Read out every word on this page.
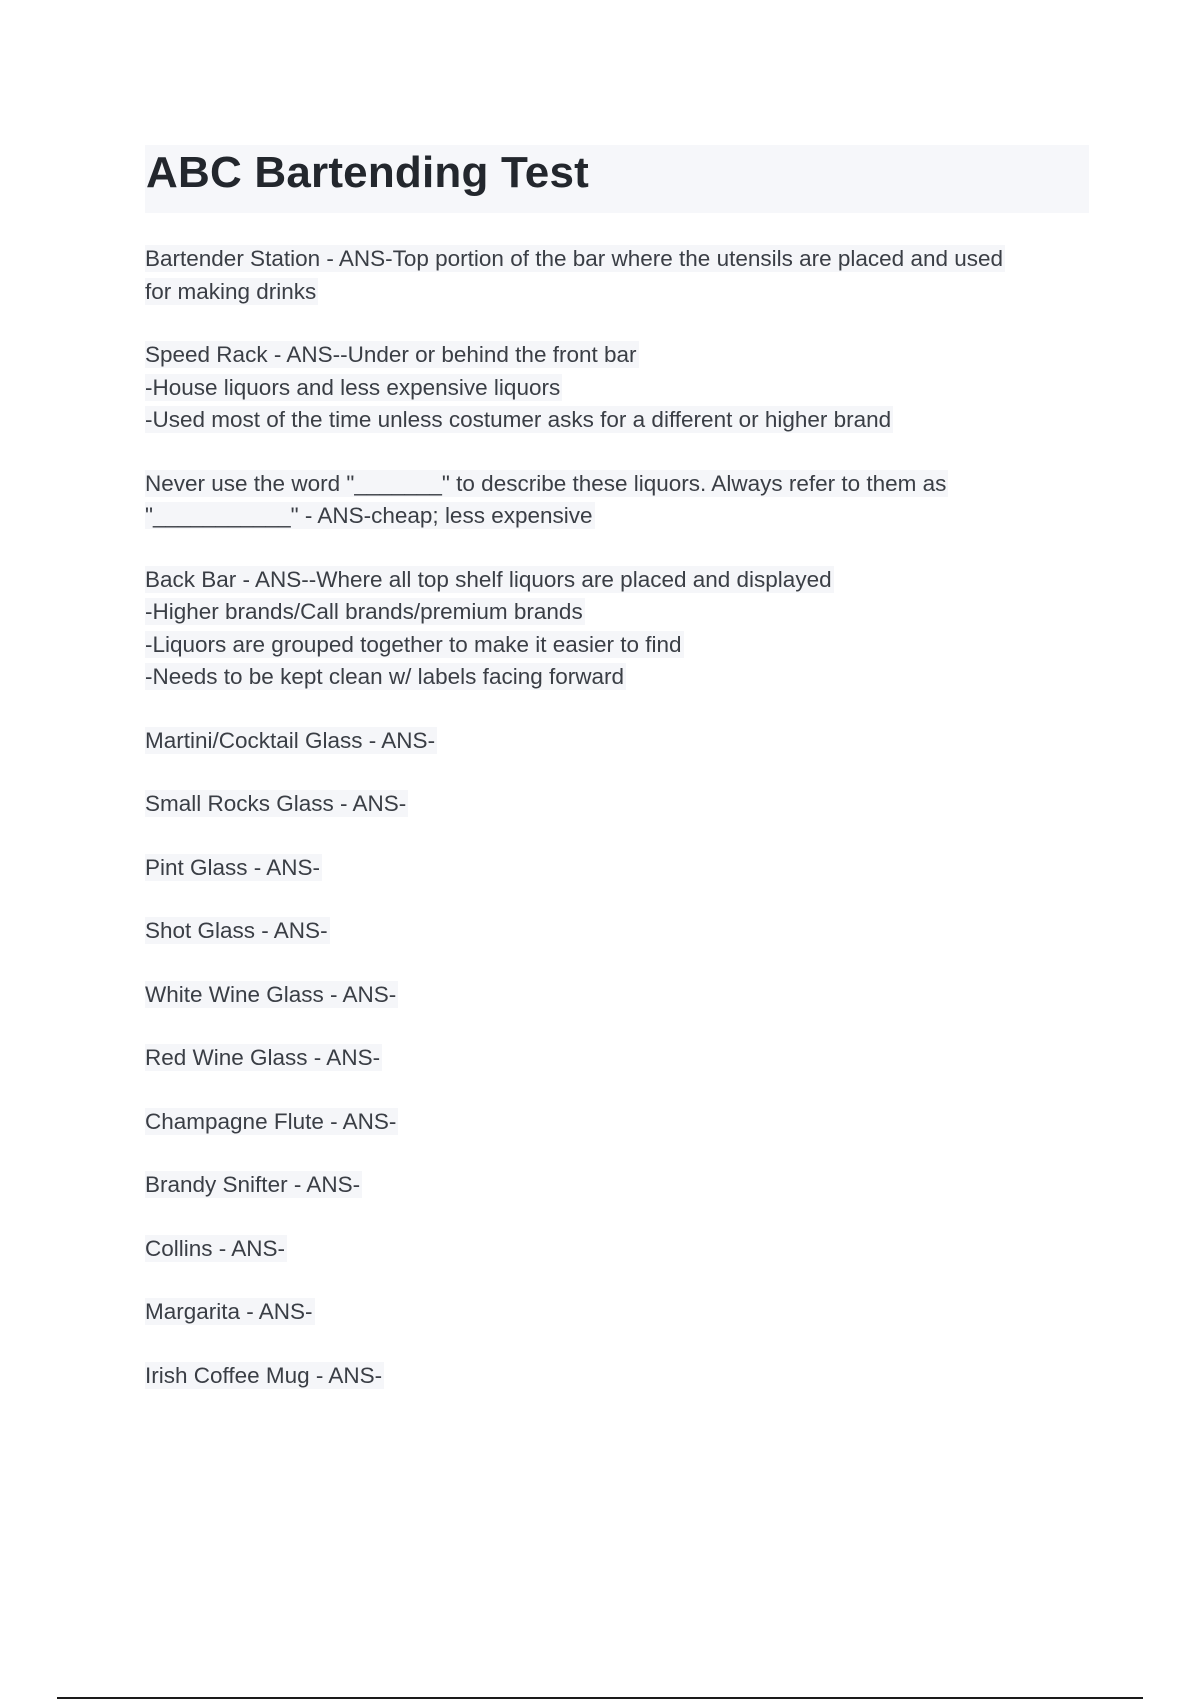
ABC Bartending Test

Bartender Station - ANS-Top portion of the bar where the utensils are placed and used
for making drinks

Speed Rack - ANS--Under or behind the front bar
-House liquors and less expensive liquors
-Used most of the time unless costumer asks for a different or higher brand

Never use the word "_______" to describe these liquors. Always refer to them as
"___________" - ANS-cheap; less expensive

Back Bar - ANS--Where all top shelf liquors are placed and displayed
-Higher brands/Call brands/premium brands
-Liquors are grouped together to make it easier to find
-Needs to be kept clean w/ labels facing forward

Martini/Cocktail Glass - ANS-

Small Rocks Glass - ANS-

Pint Glass - ANS-

Shot Glass - ANS-

White Wine Glass - ANS-

Red Wine Glass - ANS-

Champagne Flute - ANS-

Brandy Snifter - ANS-

Collins - ANS-

Margarita - ANS-

Irish Coffee Mug - ANS-
